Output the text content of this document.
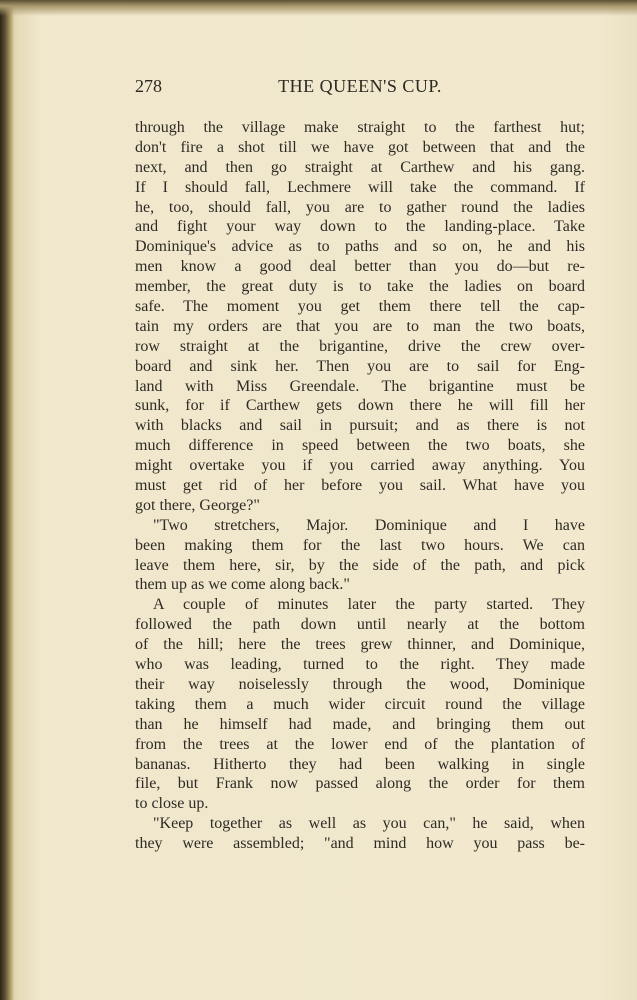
278	THE QUEEN'S CUP.
through the village make straight to the farthest hut;
don't fire a shot till we have got between that and the
next, and then go straight at Carthew and his gang.
If I should fall, Lechmere will take the command. If
he, too, should fall, you are to gather round the ladies
and fight your way down to the landing-place. Take
Dominique's advice as to paths and so on, he and his
men know a good deal better than you do—but re-
member, the great duty is to take the ladies on board
safe. The moment you get them there tell the cap-
tain my orders are that you are to man the two boats,
row straight at the brigantine, drive the crew over-
board and sink her. Then you are to sail for Eng-
land with Miss Greendale. The brigantine must be
sunk, for if Carthew gets down there he will fill her
with blacks and sail in pursuit; and as there is not
much difference in speed between the two boats, she
might overtake you if you carried away anything. You
must get rid of her before you sail. What have you
got there, George?"
"Two stretchers, Major. Dominique and I have
been making them for the last two hours. We can
leave them here, sir, by the side of the path, and pick
them up as we come along back."
A couple of minutes later the party started. They
followed the path down until nearly at the bottom
of the hill; here the trees grew thinner, and Dominique,
who was leading, turned to the right. They made
their way noiselessly through the wood, Dominique
taking them a much wider circuit round the village
than he himself had made, and bringing them out
from the trees at the lower end of the plantation of
bananas. Hitherto they had been walking in single
file, but Frank now passed along the order for them
to close up.
"Keep together as well as you can," he said, when
they were assembled; "and mind how you pass be-
